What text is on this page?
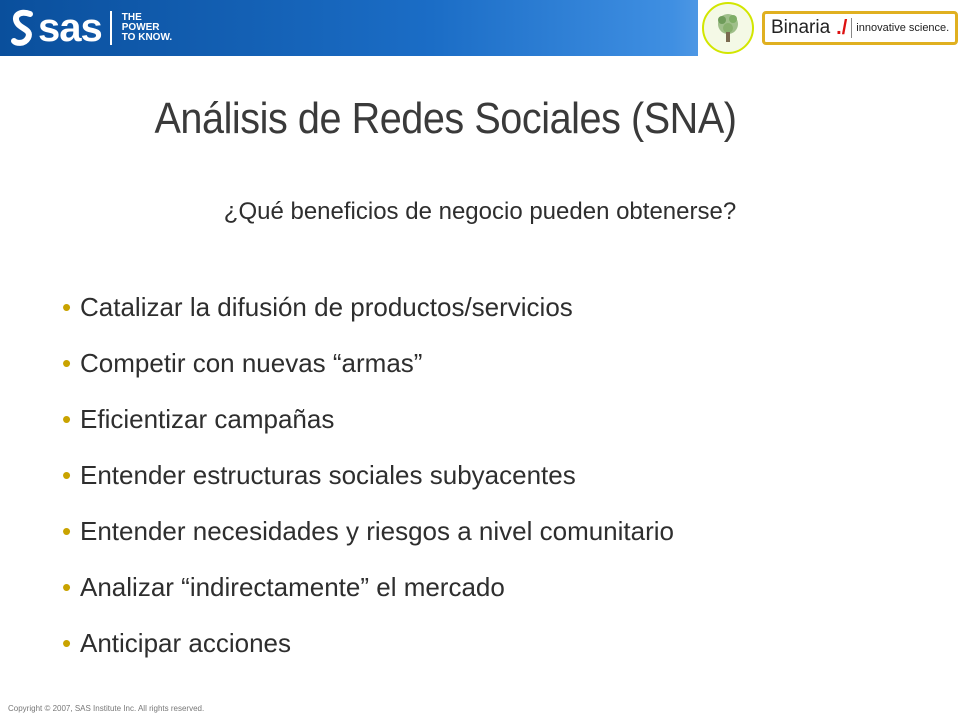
sas THE
POWER
TO KNOW.	Binaria ./ innovative science.
Análisis de Redes Sociales (SNA)
¿Qué beneficios de negocio pueden obtenerse?
• Catalizar la difusión de productos/servicios
• Competir con nuevas “armas”
• Eficientizar campañas
• Entender estructuras sociales subyacentes
• Entender necesidades y riesgos a nivel comunitario
• Analizar “indirectamente” el mercado
• Anticipar acciones
Copyright © 2007, SAS Institute Inc. All rights reserved.
